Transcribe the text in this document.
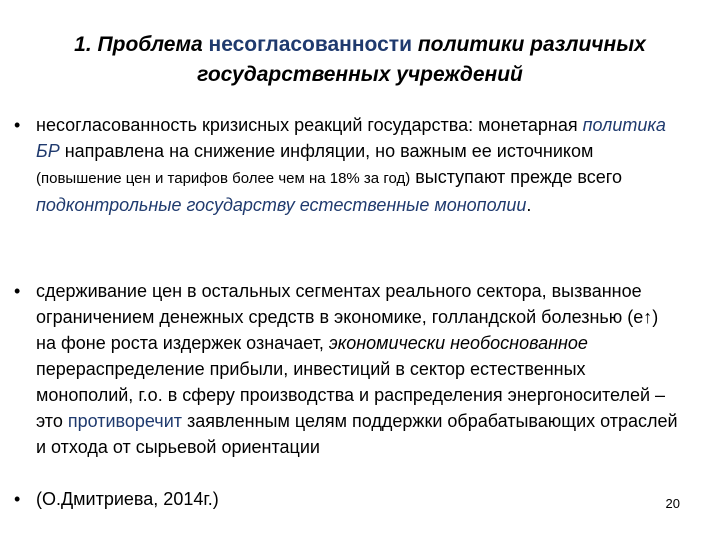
1. Проблема несогласованности политики различных государственных учреждений
• несогласованность кризисных реакций государства: монетарная политика БР направлена на снижение инфляции, но важным ее источником (повышение цен и тарифов более чем на 18% за год) выступают прежде всего подконтрольные государству естественные монополии.
• сдерживание цен в остальных сегментах реального сектора, вызванное ограничением денежных средств в экономике, голландской болезнью (е↑) на фоне роста издержек означает, экономически необоснованное перераспределение прибыли, инвестиций в сектор естественных монополий, г.о. в сферу производства и распределения энергоносителей – это противоречит заявленным целям поддержки обрабатывающих отраслей и отхода от сырьевой ориентации
• (О.Дмитриева, 2014г.)	20
